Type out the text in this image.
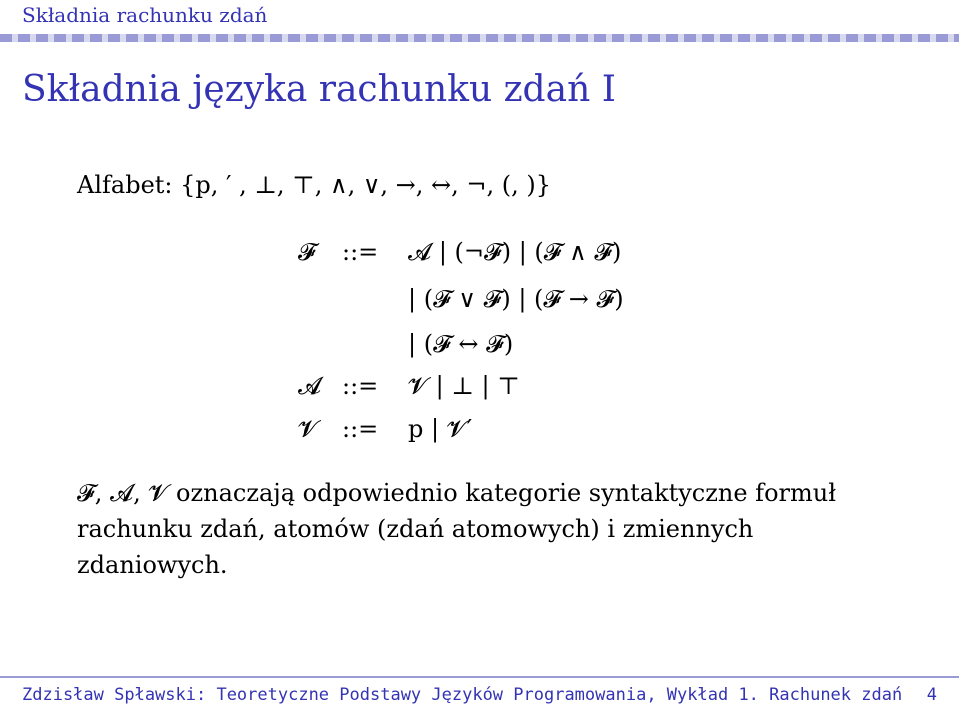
Składnia rachunku zdań
Składnia języka rachunku zdań I
Alfabet: {p, ′ , ⊥, ⊤, ∧, ∨, →, ↔, ¬, (, )}
𝓕 ::= 𝓐 | (¬𝓕) | (𝓕 ∧ 𝓕)
| (𝓕 ∨ 𝓕) | (𝓕 → 𝓕)
| (𝓕 ↔ 𝓕)
𝓐 ::= 𝓥 | ⊥ | ⊤
𝓥 ::= p | 𝓥′
𝓕, 𝓐, 𝓥 oznaczają odpowiednio kategorie syntaktyczne formuł rachunku zdań, atomów (zdań atomowych) i zmiennych zdaniowych.
Zdzisław Spławski: Teoretyczne Podstawy Języków Programowania, Wykład 1. Rachunek zdań 4
